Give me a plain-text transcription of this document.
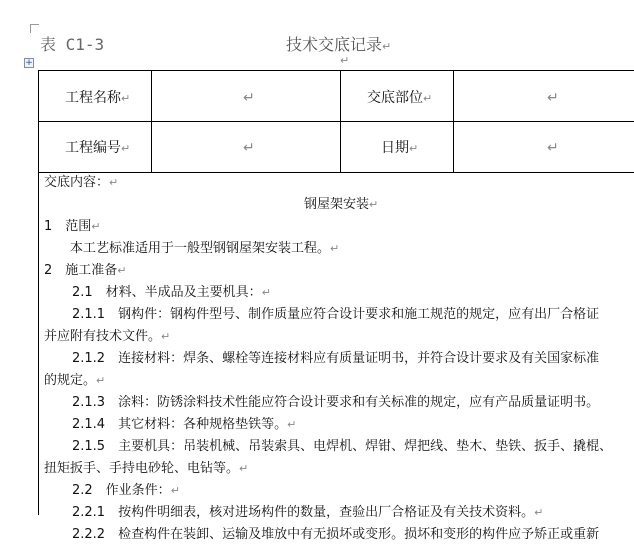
表 C1-3	技术交底记录↵
↵
+
工程名称↵	↵	交底部位↵	↵
工程编号↵	↵	日期↵	↵
交底内容：↵
钢屋架安装↵
1　范围↵
本工艺标准适用于一般型钢钢屋架安装工程。↵
2　施工准备↵
2.1　材料、半成品及主要机具：↵
2.1.1　钢构件：钢构件型号、制作质量应符合设计要求和施工规范的规定，应有出厂合格证
并应附有技术文件。↵
2.1.2　连接材料：焊条、螺栓等连接材料应有质量证明书，并符合设计要求及有关国家标准
的规定。↵
2.1.3　涂料：防锈涂料技术性能应符合设计要求和有关标准的规定，应有产品质量证明书。
2.1.4　其它材料：各种规格垫铁等。↵
2.1.5　主要机具：吊装机械、吊装索具、电焊机、焊钳、焊把线、垫木、垫铁、扳手、撬棍、
扭矩扳手、手持电砂轮、电钻等。↵
2.2　作业条件：↵
2.2.1　按构件明细表，核对进场构件的数量，查验出厂合格证及有关技术资料。↵
2.2.2　检查构件在装卸、运输及堆放中有无损坏或变形。损坏和变形的构件应予矫正或重新
